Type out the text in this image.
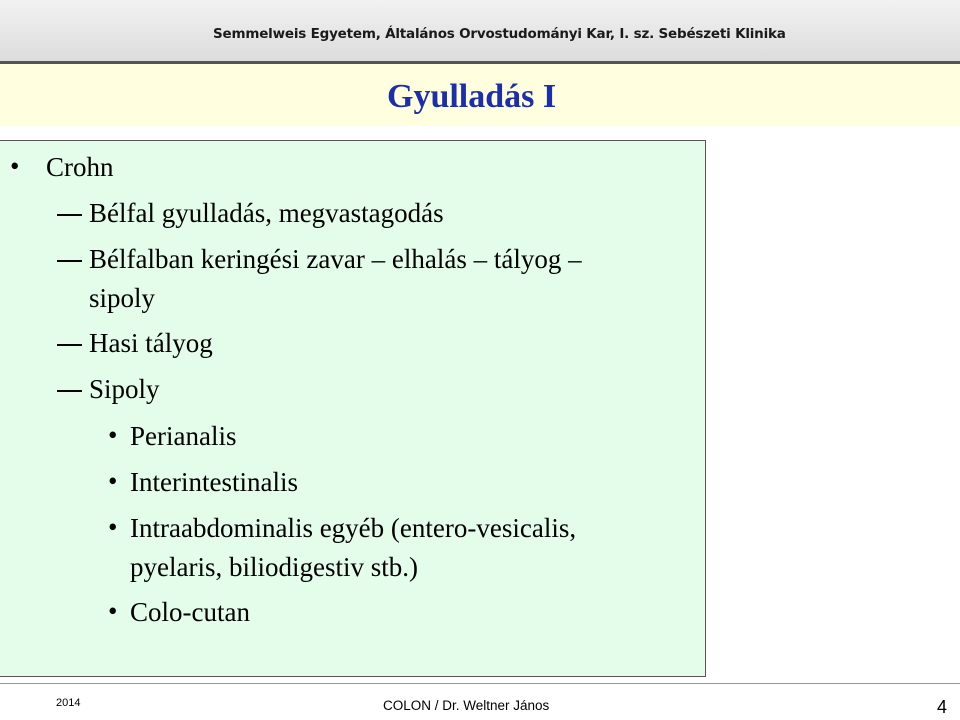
Semmelweis Egyetem, Általános Orvostudományi Kar, I. sz. Sebészeti Klinika
Gyulladás I
• Crohn
Bélfal gyulladás, megvastagodás
Bélfalban keringési zavar – elhalás – tályog –
sipoly
Hasi tályog
Sipoly
• Perianalis
• Interintestinalis
• Intraabdominalis egyéb (entero-vesicalis,
pyelaris, biliodigestiv stb.)
• Colo-cutan
2014	COLON / Dr. Weltner János	4
